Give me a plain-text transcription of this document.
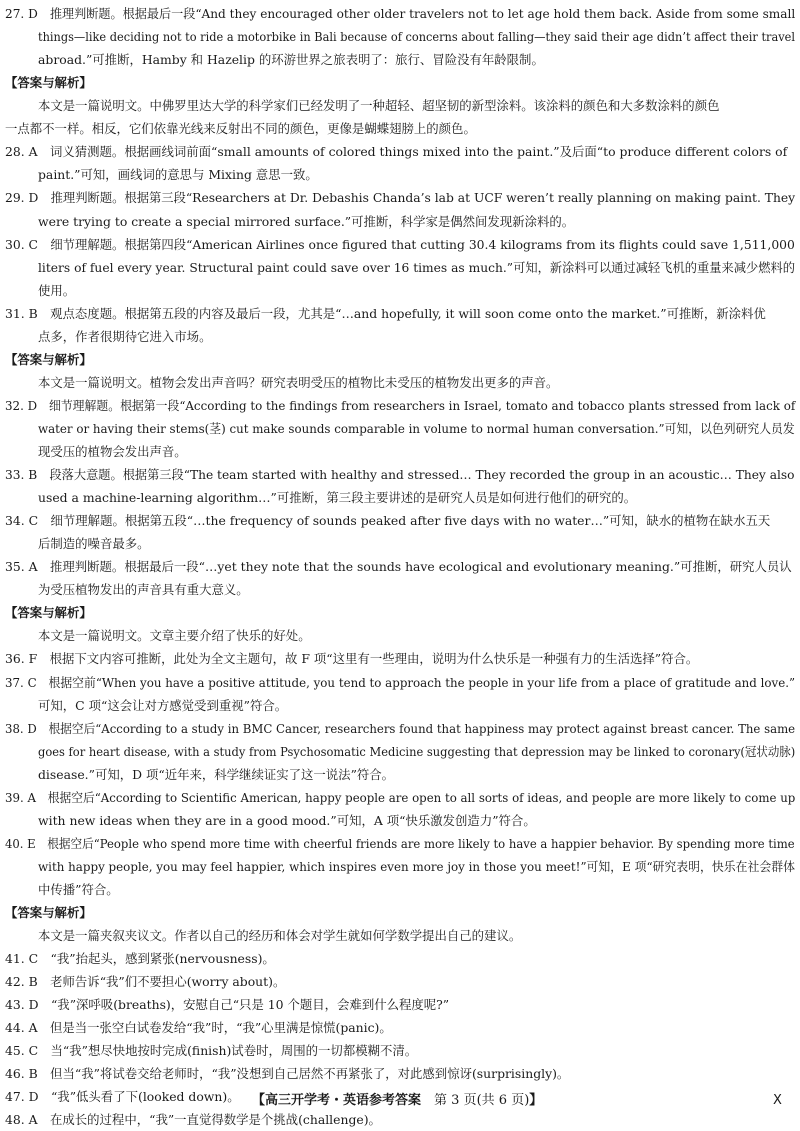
27. D　推理判断题。根据最后一段“And they encouraged other older travelers not to let age hold them back. Aside from some small
things—like deciding not to ride a motorbike in Bali because of concerns about falling—they said their age didn’t affect their travel
abroad.”可推断，Hamby 和 Hazelip 的环游世界之旅表明了：旅行、冒险没有年龄限制。
【答案与解析】
本文是一篇说明文。中佛罗里达大学的科学家们已经发明了一种超轻、超坚韧的新型涂料。该涂料的颜色和大多数涂料的颜色
一点都不一样。相反，它们依靠光线来反射出不同的颜色，更像是蝴蝶翅膀上的颜色。
28. A　词义猜测题。根据画线词前面“small amounts of colored things mixed into the paint.”及后面“to produce different colors of
paint.”可知，画线词的意思与 Mixing 意思一致。
29. D　推理判断题。根据第三段“Researchers at Dr. Debashis Chanda’s lab at UCF weren’t really planning on making paint. They
were trying to create a special mirrored surface.”可推断，科学家是偶然间发现新涂料的。
30. C　细节理解题。根据第四段“American Airlines once figured that cutting 30.4 kilograms from its flights could save 1,511,000
liters of fuel every year. Structural paint could save over 16 times as much.”可知，新涂料可以通过减轻飞机的重量来减少燃料的
使用。
31. B　观点态度题。根据第五段的内容及最后一段，尤其是“…and hopefully, it will soon come onto the market.”可推断，新涂料优
点多，作者很期待它进入市场。
【答案与解析】
本文是一篇说明文。植物会发出声音吗？研究表明受压的植物比未受压的植物发出更多的声音。
32. D　细节理解题。根据第一段“According to the findings from researchers in Israel, tomato and tobacco plants stressed from lack of
water or having their stems(茎) cut make sounds comparable in volume to normal human conversation.”可知，以色列研究人员发
现受压的植物会发出声音。
33. B　段落大意题。根据第三段“The team started with healthy and stressed… They recorded the group in an acoustic… They also
used a machine-learning algorithm…”可推断，第三段主要讲述的是研究人员是如何进行他们的研究的。
34. C　细节理解题。根据第五段“…the frequency of sounds peaked after five days with no water…”可知，缺水的植物在缺水五天
后制造的噪音最多。
35. A　推理判断题。根据最后一段“…yet they note that the sounds have ecological and evolutionary meaning.”可推断，研究人员认
为受压植物发出的声音具有重大意义。
【答案与解析】
本文是一篇说明文。文章主要介绍了快乐的好处。
36. F　根据下文内容可推断，此处为全文主题句，故 F 项“这里有一些理由，说明为什么快乐是一种强有力的生活选择”符合。
37. C　根据空前“When you have a positive attitude, you tend to approach the people in your life from a place of gratitude and love.”
可知，C 项“这会让对方感觉受到重视”符合。
38. D　根据空后“According to a study in BMC Cancer, researchers found that happiness may protect against breast cancer. The same
goes for heart disease, with a study from Psychosomatic Medicine suggesting that depression may be linked to coronary(冠状动脉)
disease.”可知，D 项“近年来，科学继续证实了这一说法”符合。
39. A　根据空后“According to Scientific American, happy people are open to all sorts of ideas, and people are more likely to come up
with new ideas when they are in a good mood.”可知，A 项“快乐激发创造力”符合。
40. E　根据空后“People who spend more time with cheerful friends are more likely to have a happier behavior. By spending more time
with happy people, you may feel happier, which inspires even more joy in those you meet!”可知，E 项“研究表明，快乐在社会群体
中传播”符合。
【答案与解析】
本文是一篇夹叙夹议文。作者以自己的经历和体会对学生就如何学数学提出自己的建议。
41. C　“我”抬起头，感到紧张(nervousness)。
42. B　老师告诉“我”们不要担心(worry about)。
43. D　“我”深呼吸(breaths)，安慰自己“只是 10 个题目，会难到什么程度呢?”
44. A　但是当一张空白试卷发给“我”时，“我”心里满是惊慌(panic)。
45. C　当“我”想尽快地按时完成(finish)试卷时，周围的一切都模糊不清。
46. B　但当“我”将试卷交给老师时，“我”没想到自己居然不再紧张了，对此感到惊讶(surprisingly)。
47. D　“我”低头看了下(looked down)。
48. A　在成长的过程中，“我”一直觉得数学是个挑战(challenge)。
【高三开学考・英语参考答案　 第 3 页(共 6 页)】	X
